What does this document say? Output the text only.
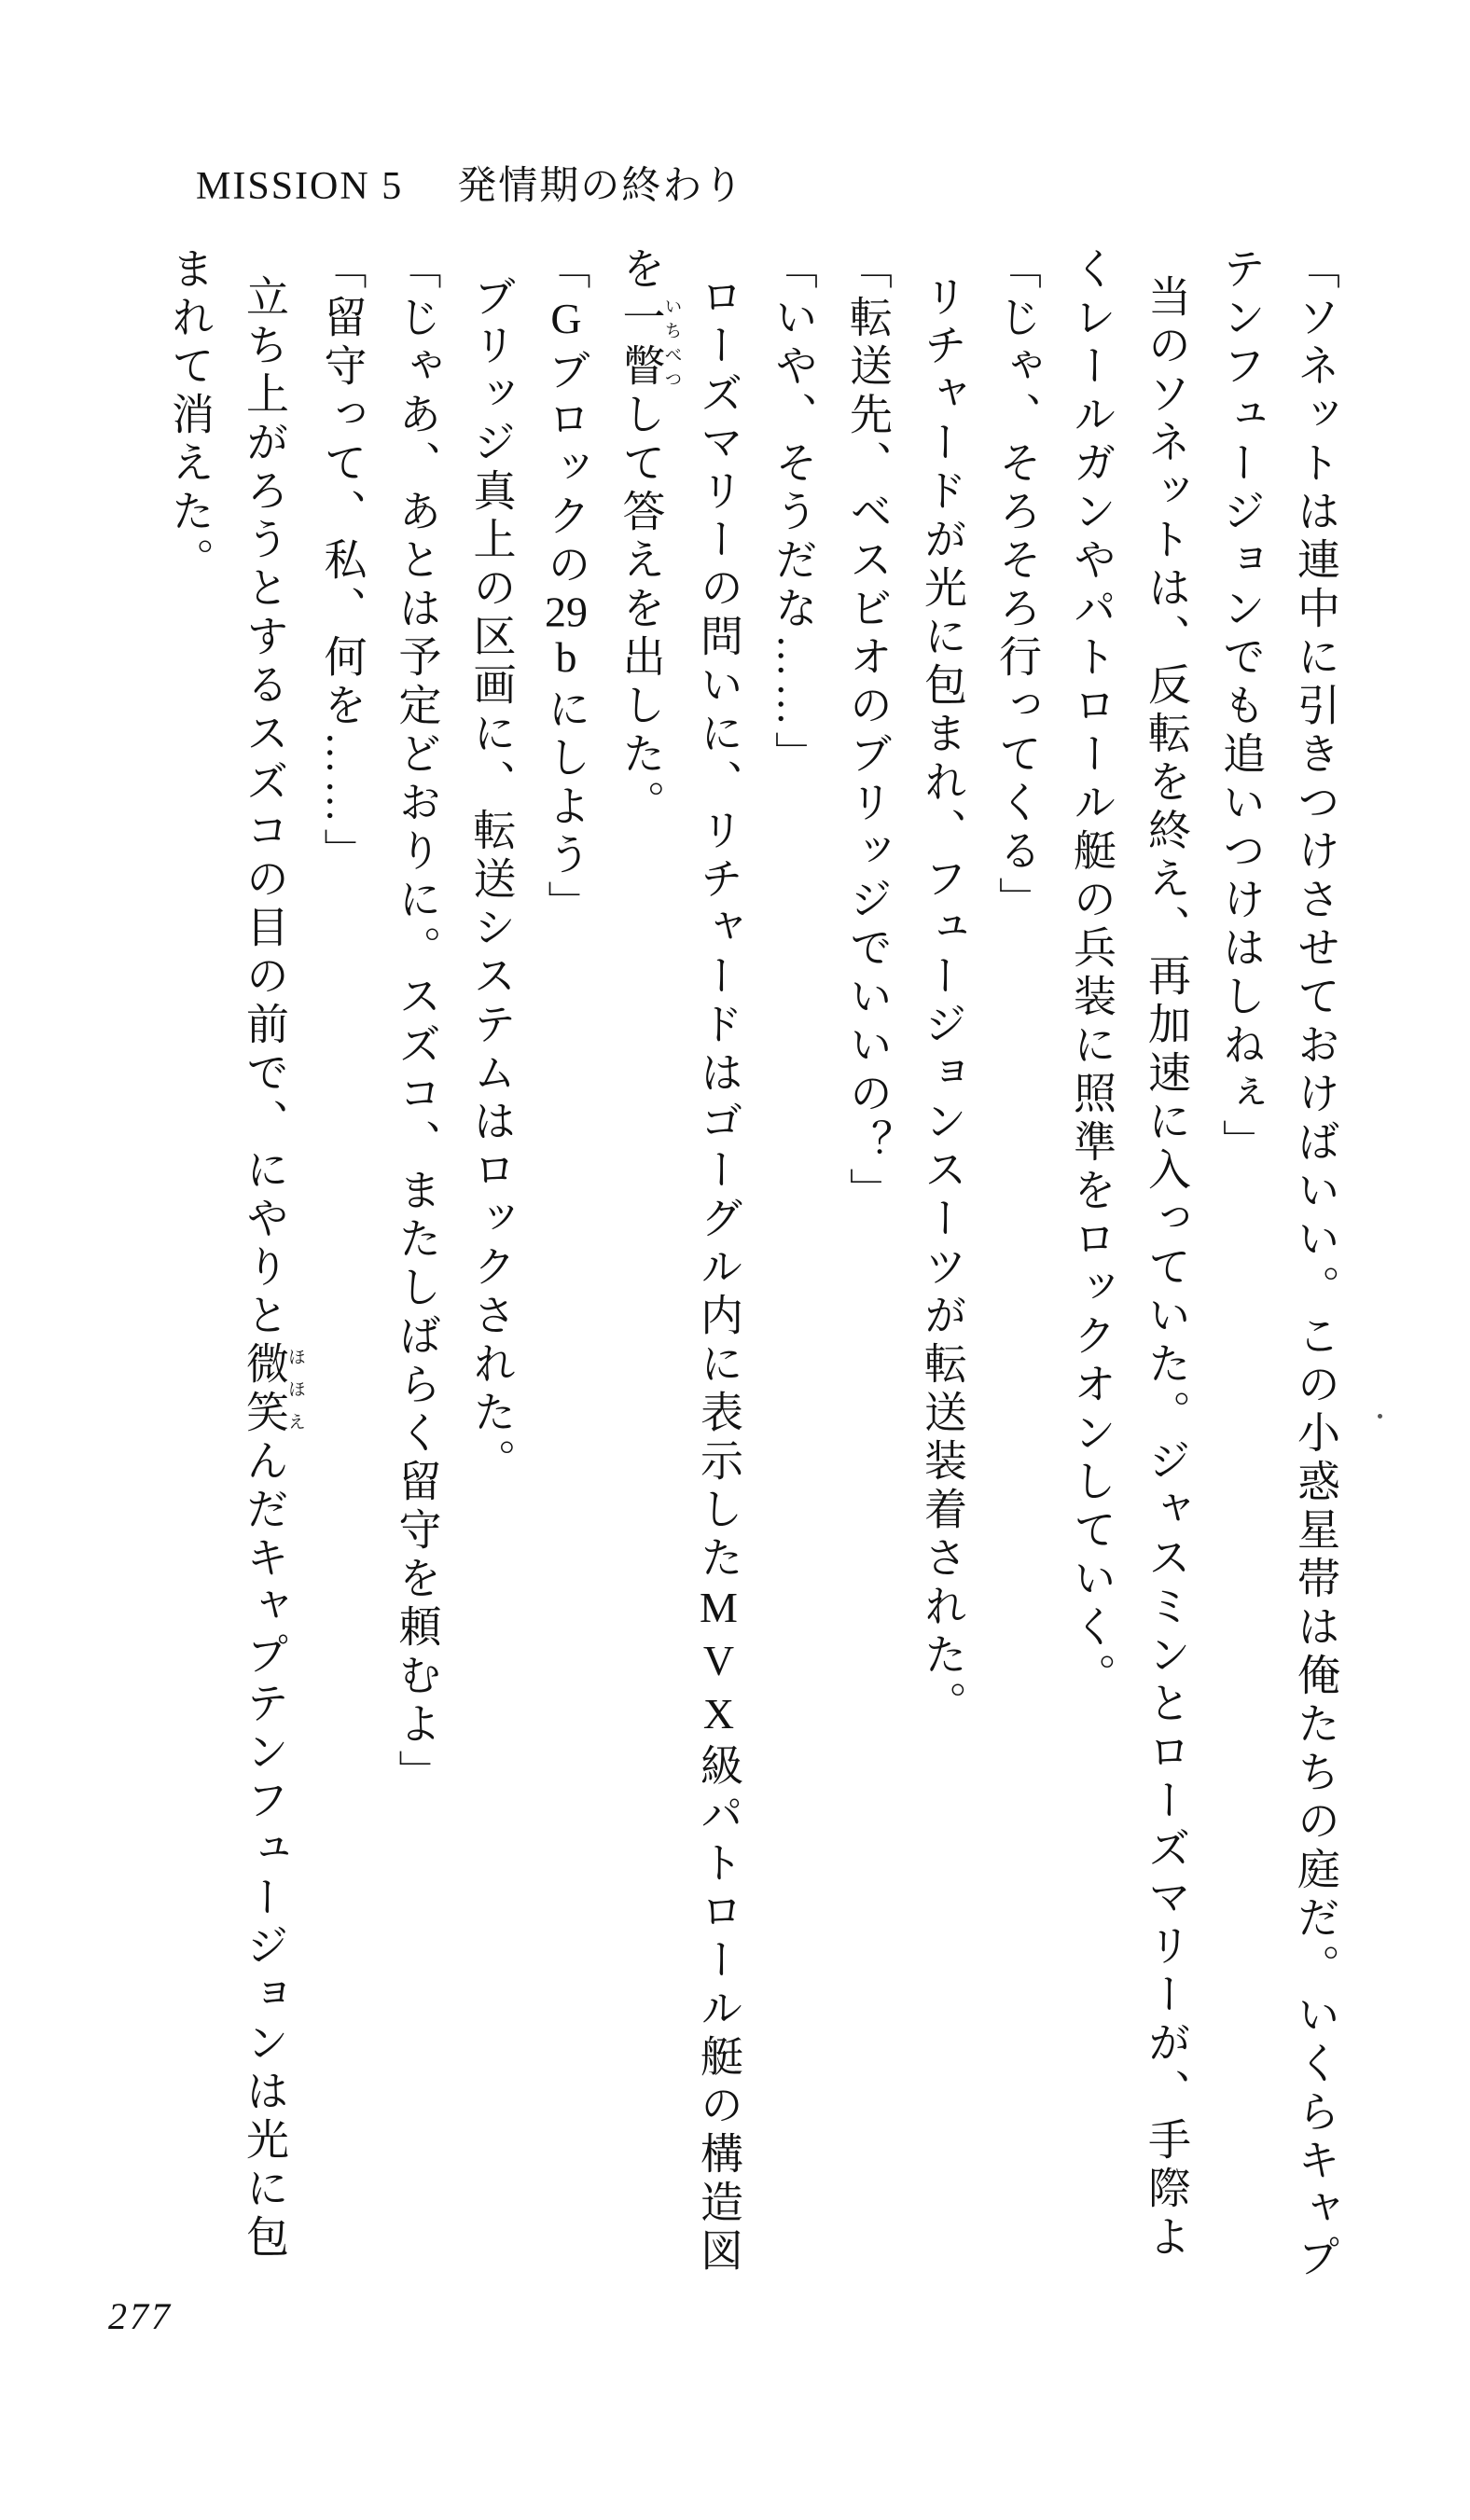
MISSION 5 発情期の終わり

「ソネットは連中に引きつけさせておけばいい。この小惑星帯は俺たちの庭だ。いくらキャプ

テンフュージョンでも追いつけはしねぇ」

当のソネットは、反転を終え、再加速に入っていた。ジャスミンとローズマリーが、手際よ

くレールガンやパトロール艇の兵装に照準をロックオンしていく。

「じゃ、そろそろ行ってくる」

リチャードが光に包まれ、フュージョンスーツが転送装着された。

「転送先、ベスビオのブリッジでいいの？」

「いや、そうだな……」

ローズマリーの問いに、リチャードはゴーグル内に表示したMVX級パトロール艇の構造図

を一瞥いちべつして答えを出した。

「Gブロックの29bにしよう」

ブリッジ真上の区画に、転送システムはロックされた。

「じゃあ、あとは予定どおりに。スズコ、またしばらく留守を頼むよ」

「留守って、私、何を……」

立ち上がろうとするスズコの目の前で、にやりと微笑ほほえんだキャプテンフュージョンは光に包

まれて消えた。

277
